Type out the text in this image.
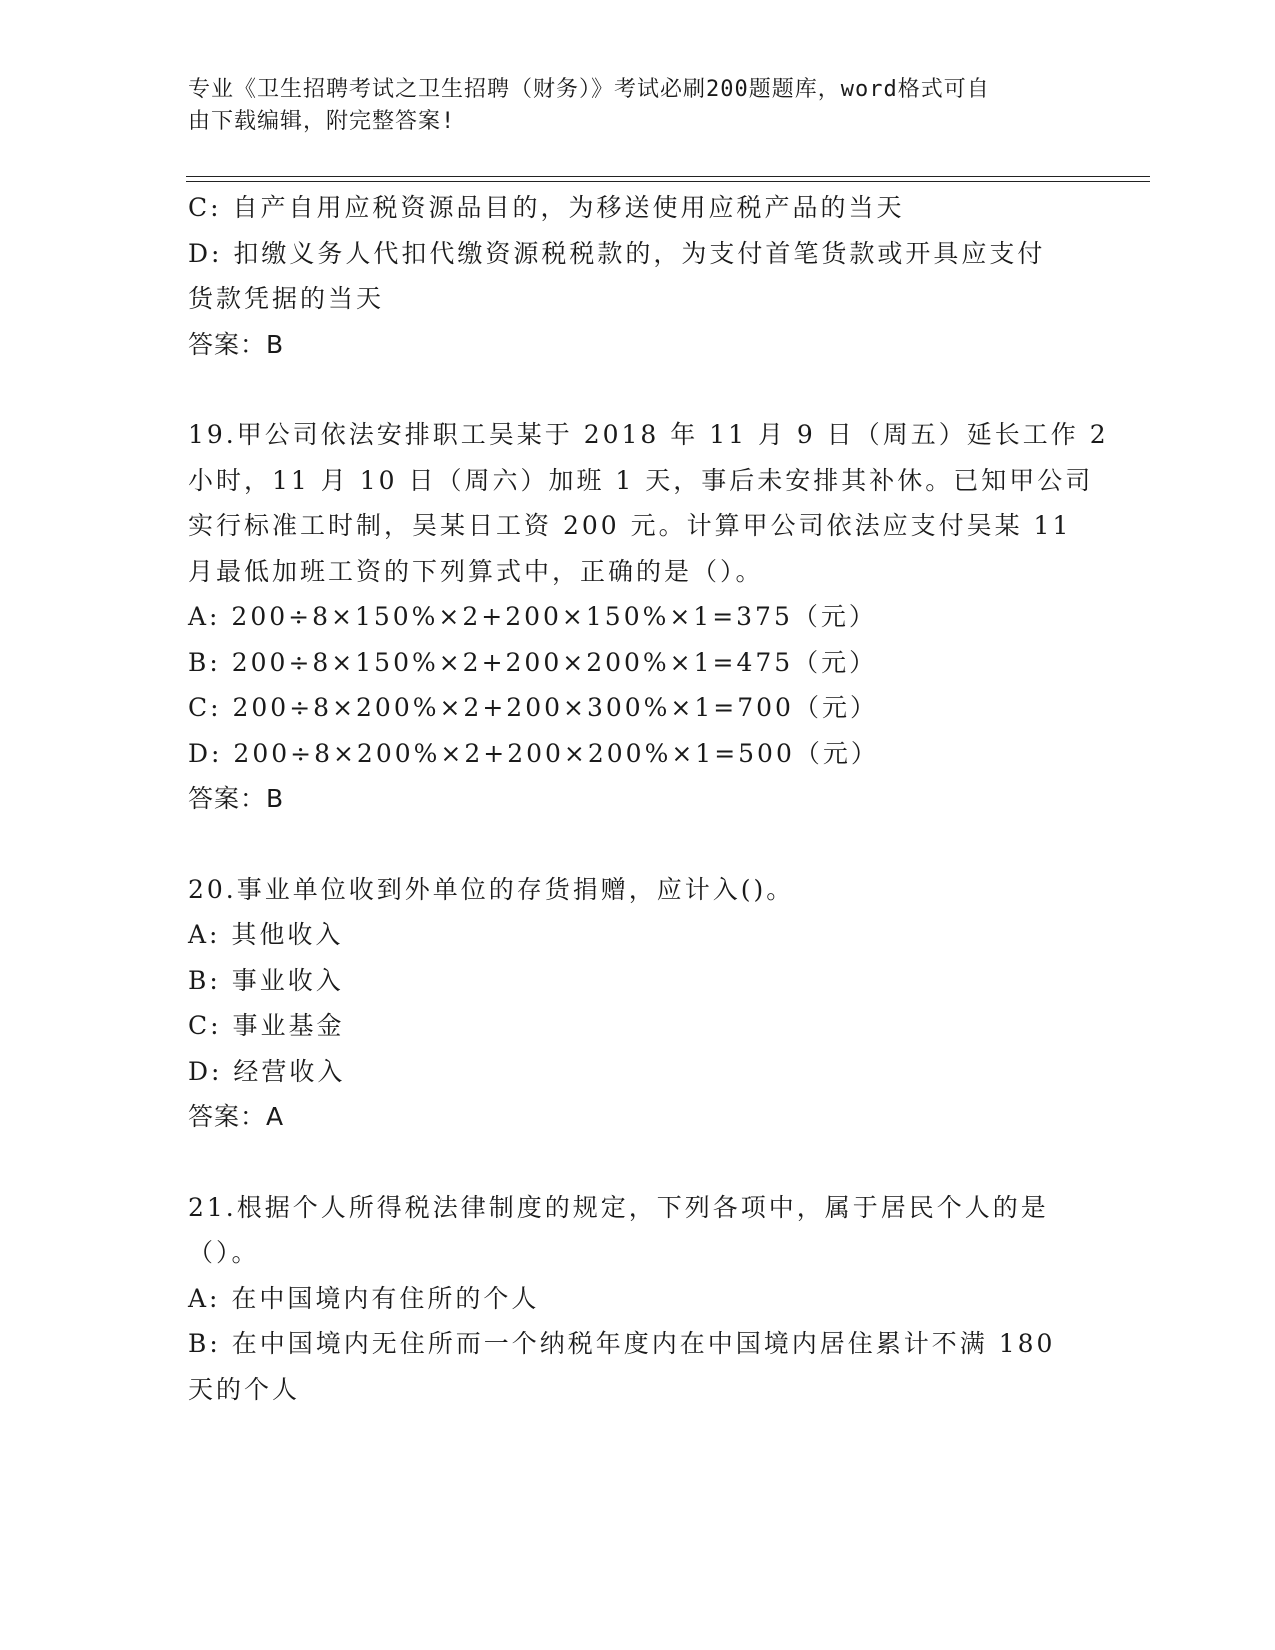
专业《卫生招聘考试之卫生招聘（财务）》考试必刷200题题库，word格式可自
由下载编辑，附完整答案!
C: 自产自用应税资源品目的，为移送使用应税产品的当天
D: 扣缴义务人代扣代缴资源税税款的，为支付首笔货款或开具应支付
货款凭据的当天
答案：B
19.甲公司依法安排职工吴某于 2018 年 11 月 9 日（周五）延长工作 2
小时，11 月 10 日（周六）加班 1 天，事后未安排其补休。已知甲公司
实行标准工时制，吴某日工资 200 元。计算甲公司依法应支付吴某 11
月最低加班工资的下列算式中，正确的是（）。
A: 200÷8×150%×2+200×150%×1=375（元）
B: 200÷8×150%×2+200×200%×1=475（元）
C: 200÷8×200%×2+200×300%×1=700（元）
D: 200÷8×200%×2+200×200%×1=500（元）
答案：B
20.事业单位收到外单位的存货捐赠，应计入()。
A: 其他收入
B: 事业收入
C: 事业基金
D: 经营收入
答案：A
21.根据个人所得税法律制度的规定，下列各项中，属于居民个人的是
（）。
A: 在中国境内有住所的个人
B: 在中国境内无住所而一个纳税年度内在中国境内居住累计不满 180
天的个人
